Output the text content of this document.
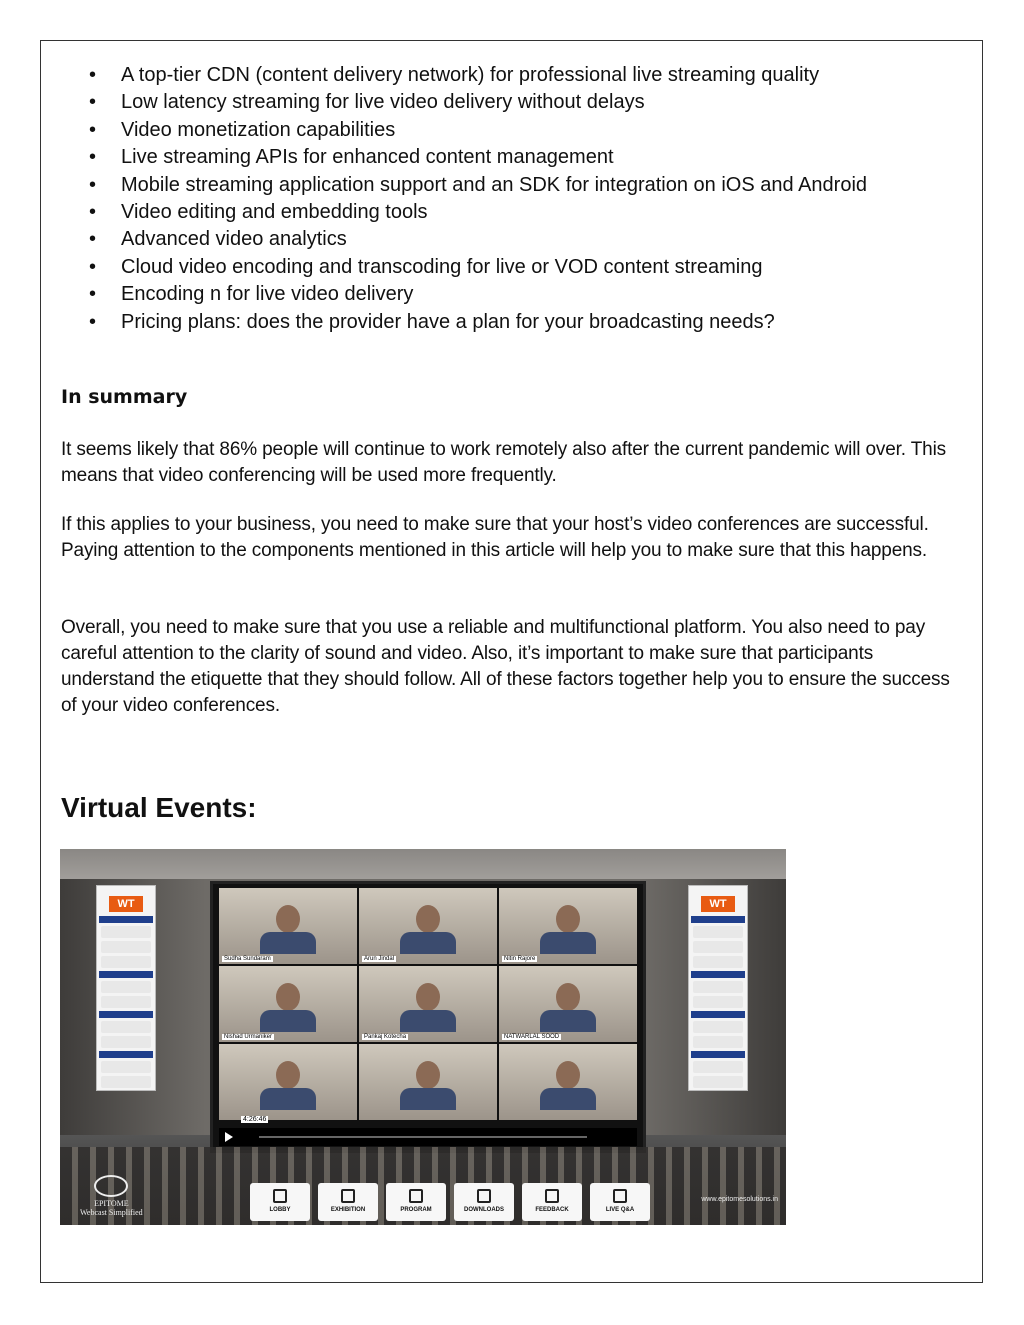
• A top-tier CDN (content delivery network) for professional live streaming quality
• Low latency streaming for live video delivery without delays
• Video monetization capabilities
• Live streaming APIs for enhanced content management
• Mobile streaming application support and an SDK for integration on iOS and Android
• Video editing and embedding tools
• Advanced video analytics
• Cloud video encoding and transcoding for live or VOD content streaming
• Encoding n for live video delivery
• Pricing plans: does the provider have a plan for your broadcasting needs?
In summary

It seems likely that 86% people will continue to work remotely also after the current pandemic will over. This means that video conferencing will be used more frequently.

If this applies to your business, you need to make sure that your host’s video conferences are successful. Paying attention to the components mentioned in this article will help you to make sure that this happens.

Overall, you need to make sure that you use a reliable and multifunctional platform. You also need to pay careful attention to the clarity of sound and video. Also, it’s important to make sure that participants understand the etiquette that they should follow. All of these factors together help you to ensure the success of your video conferences.

Virtual Events:
WT	WT
Sudha Sundaram	Arun Jindal	Nitin Rajore
Nishad Urmaniker	Pankaj Kotecha	NATWARLAL SOOD
4:26:46
EPITOME
Webcast Simplified	LOBBY	EXHIBITION	PROGRAM	DOWNLOADS	FEEDBACK	LIVE Q&A
www.epitomesolutions.in
